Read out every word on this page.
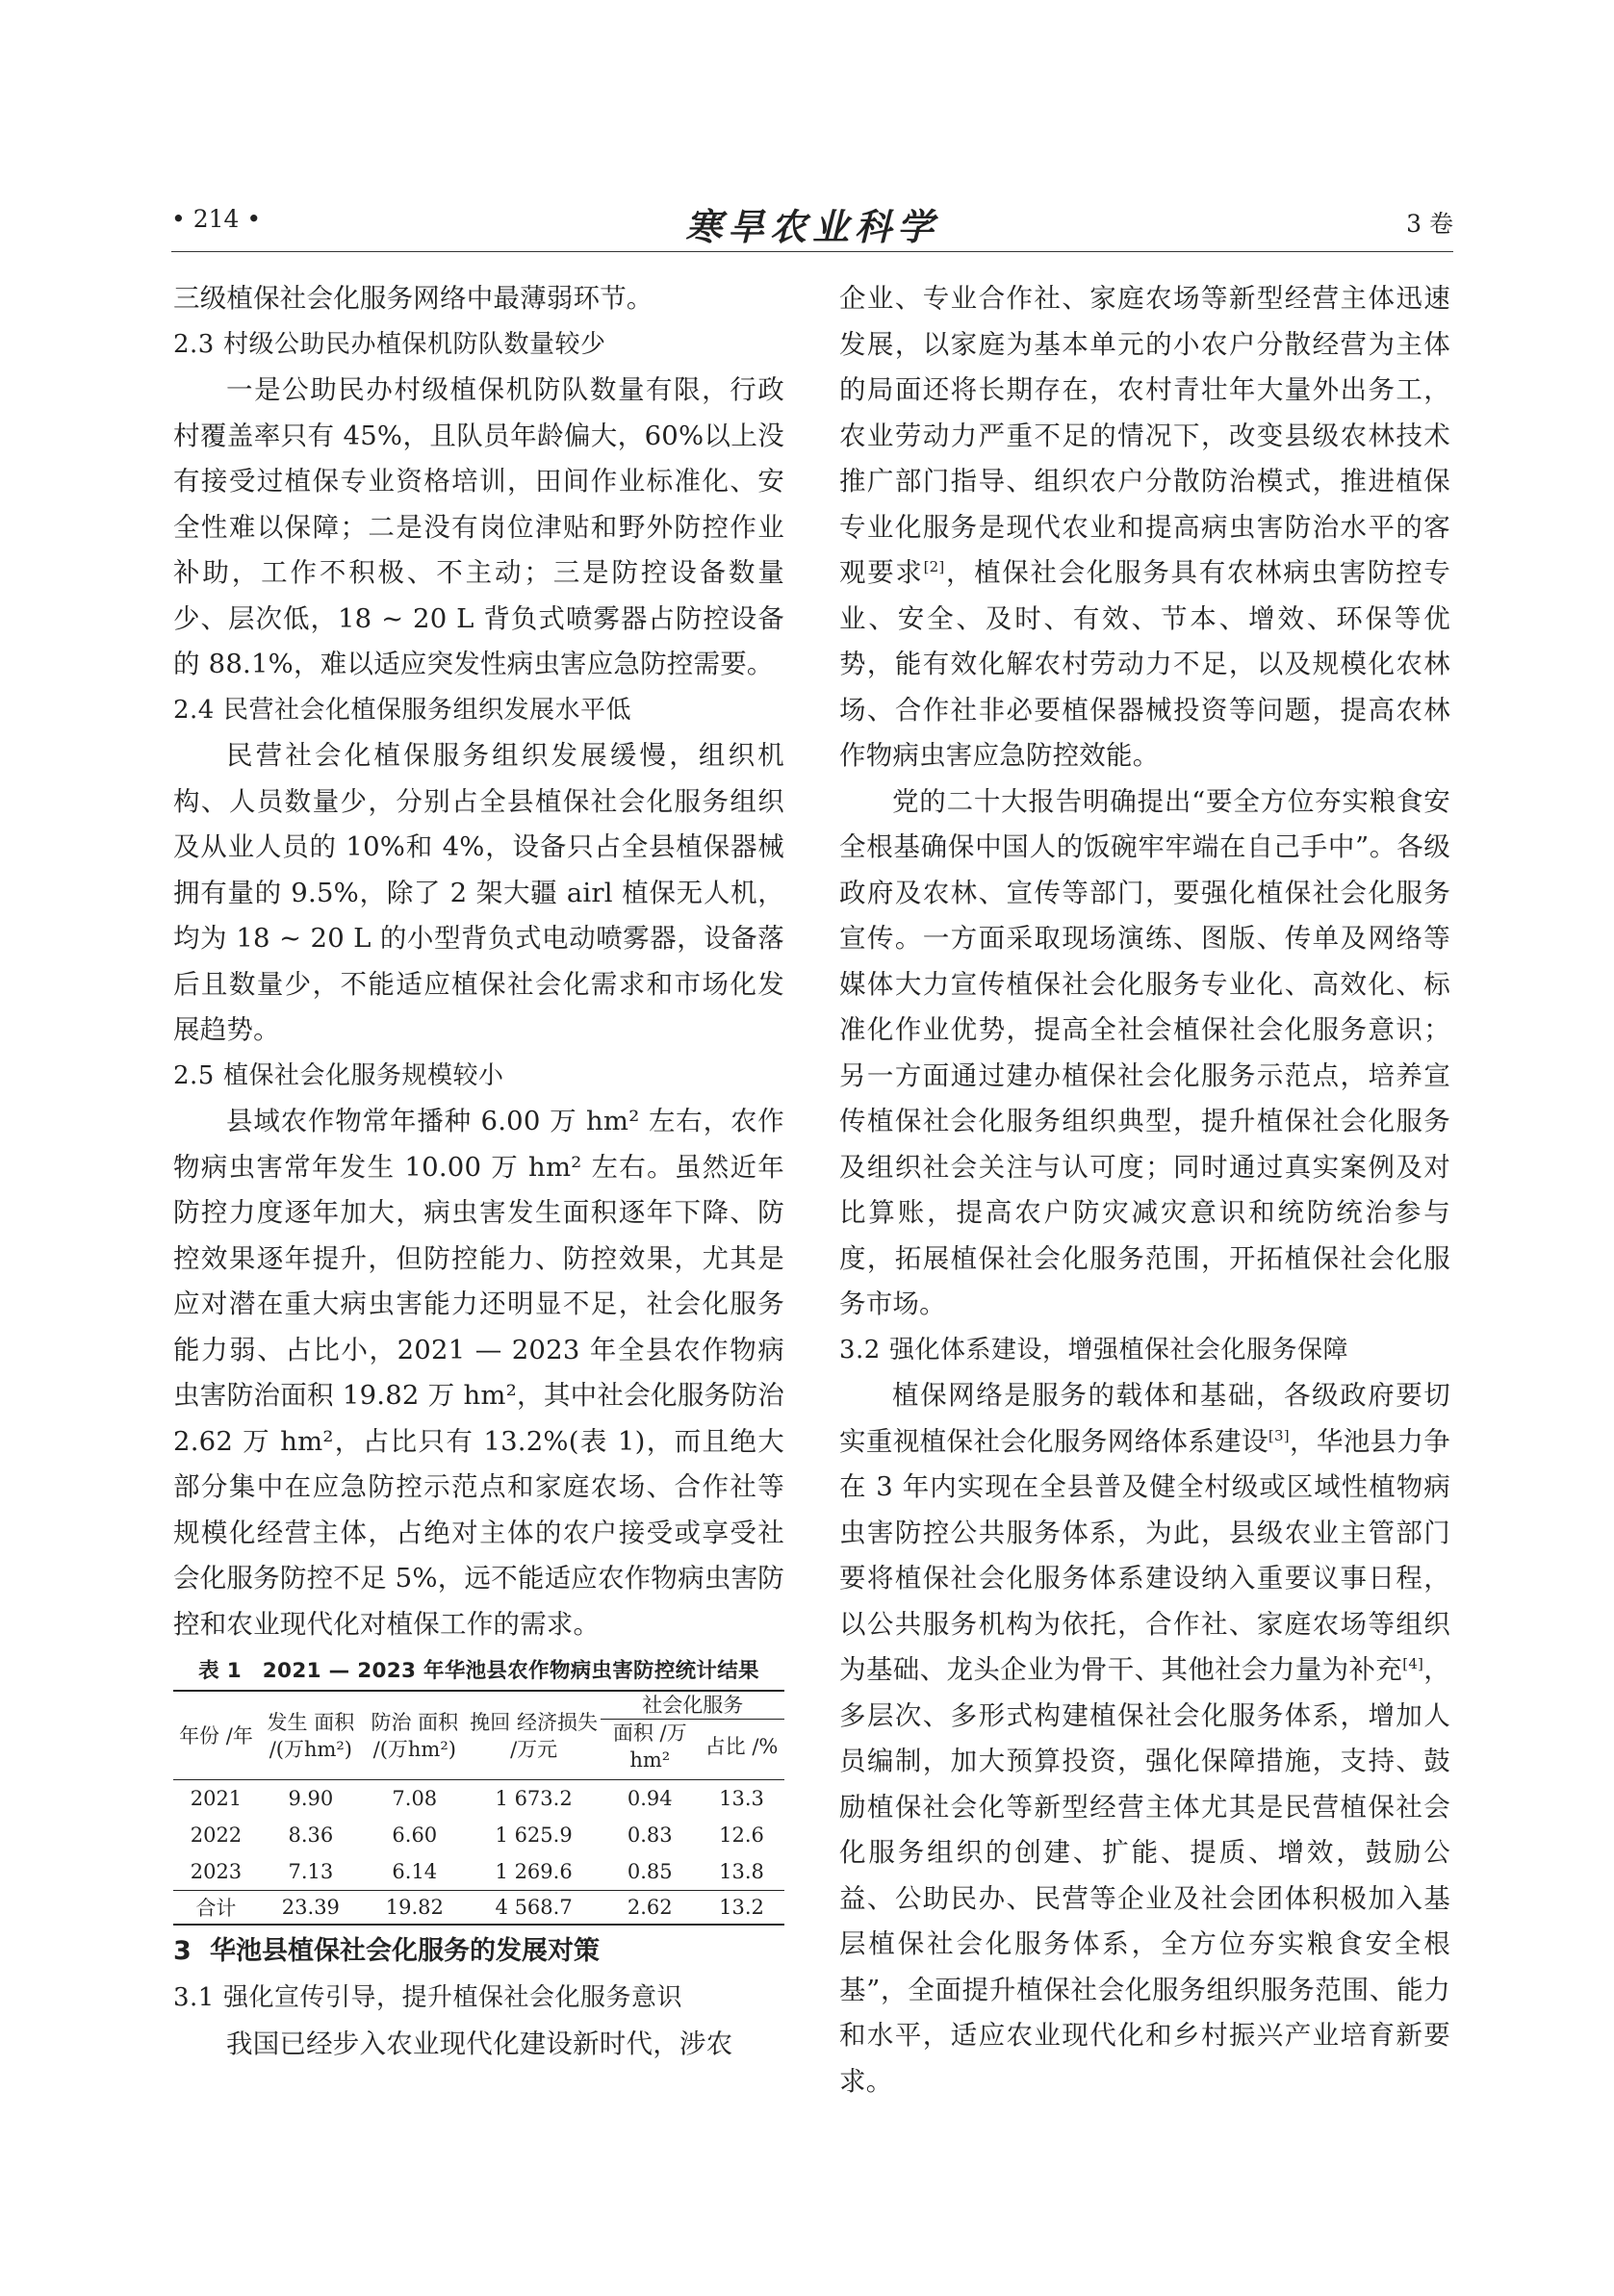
• 214 •	寒旱农业科学	3 卷

三级植保社会化服务网络中最薄弱环节。

2.3 村级公助民办植保机防队数量较少

一是公助民办村级植保机防队数量有限，行政村覆盖率只有 45%，且队员年龄偏大，60%以上没有接受过植保专业资格培训，田间作业标准化、安全性难以保障；二是没有岗位津贴和野外防控作业补助，工作不积极、不主动；三是防控设备数量少、层次低，18 ~ 20 L 背负式喷雾器占防控设备的 88.1%，难以适应突发性病虫害应急防控需要。

2.4 民营社会化植保服务组织发展水平低

民营社会化植保服务组织发展缓慢，组织机构、人员数量少，分别占全县植保社会化服务组织及从业人员的 10%和 4%，设备只占全县植保器械拥有量的 9.5%，除了 2 架大疆 airl 植保无人机，均为 18 ~ 20 L 的小型背负式电动喷雾器，设备落后且数量少，不能适应植保社会化需求和市场化发展趋势。

2.5 植保社会化服务规模较小

县域农作物常年播种 6.00 万 hm² 左右，农作物病虫害常年发生 10.00 万 hm² 左右。虽然近年防控力度逐年加大，病虫害发生面积逐年下降、防控效果逐年提升，但防控能力、防控效果，尤其是应对潜在重大病虫害能力还明显不足，社会化服务能力弱、占比小，2021 — 2023 年全县农作物病虫害防治面积 19.82 万 hm²，其中社会化服务防治 2.62 万 hm²，占比只有 13.2%(表 1)，而且绝大部分集中在应急防控示范点和家庭农场、合作社等规模化经营主体，占绝对主体的农户接受或享受社会化服务防控不足 5%，远不能适应农作物病虫害防控和农业现代化对植保工作的需求。

表 1　2021 — 2023 年华池县农作物病虫害防控统计结果
年份 /年	发生 面积 /(万hm²)	防治 面积 /(万hm²)	挽回 经济损失 /万元	社会化服务	
				面积 /万hm²	占比 /%
2021	9.90	7.08	1 673.2	0.94	13.3
2022	8.36	6.60	1 625.9	0.83	12.6
2023	7.13	6.14	1 269.6	0.85	13.8
合计	23.39	19.82	4 568.7	2.62	13.2

3 华池县植保社会化服务的发展对策

3.1 强化宣传引导，提升植保社会化服务意识

我国已经步入农业现代化建设新时代，涉农

企业、专业合作社、家庭农场等新型经营主体迅速发展，以家庭为基本单元的小农户分散经营为主体的局面还将长期存在，农村青壮年大量外出务工，农业劳动力严重不足的情况下，改变县级农林技术推广部门指导、组织农户分散防治模式，推进植保专业化服务是现代农业和提高病虫害防治水平的客观要求[2]，植保社会化服务具有农林病虫害防控专业、安全、及时、有效、节本、增效、环保等优势，能有效化解农村劳动力不足，以及规模化农林场、合作社非必要植保器械投资等问题，提高农林作物病虫害应急防控效能。

党的二十大报告明确提出“要全方位夯实粮食安全根基确保中国人的饭碗牢牢端在自己手中”。各级政府及农林、宣传等部门，要强化植保社会化服务宣传。一方面采取现场演练、图版、传单及网络等媒体大力宣传植保社会化服务专业化、高效化、标准化作业优势，提高全社会植保社会化服务意识；另一方面通过建办植保社会化服务示范点，培养宣传植保社会化服务组织典型，提升植保社会化服务及组织社会关注与认可度；同时通过真实案例及对比算账，提高农户防灾减灾意识和统防统治参与度，拓展植保社会化服务范围，开拓植保社会化服务市场。

3.2 强化体系建设，增强植保社会化服务保障

植保网络是服务的载体和基础，各级政府要切实重视植保社会化服务网络体系建设[3]，华池县力争在 3 年内实现在全县普及健全村级或区域性植物病虫害防控公共服务体系，为此，县级农业主管部门要将植保社会化服务体系建设纳入重要议事日程，以公共服务机构为依托，合作社、家庭农场等组织为基础、龙头企业为骨干、其他社会力量为补充[4]，多层次、多形式构建植保社会化服务体系，增加人员编制，加大预算投资，强化保障措施，支持、鼓励植保社会化等新型经营主体尤其是民营植保社会化服务组织的创建、扩能、提质、增效，鼓励公益、公助民办、民营等企业及社会团体积极加入基层植保社会化服务体系，全方位夯实粮食安全根基”，全面提升植保社会化服务组织服务范围、能力和水平，适应农业现代化和乡村振兴产业培育新要求。
